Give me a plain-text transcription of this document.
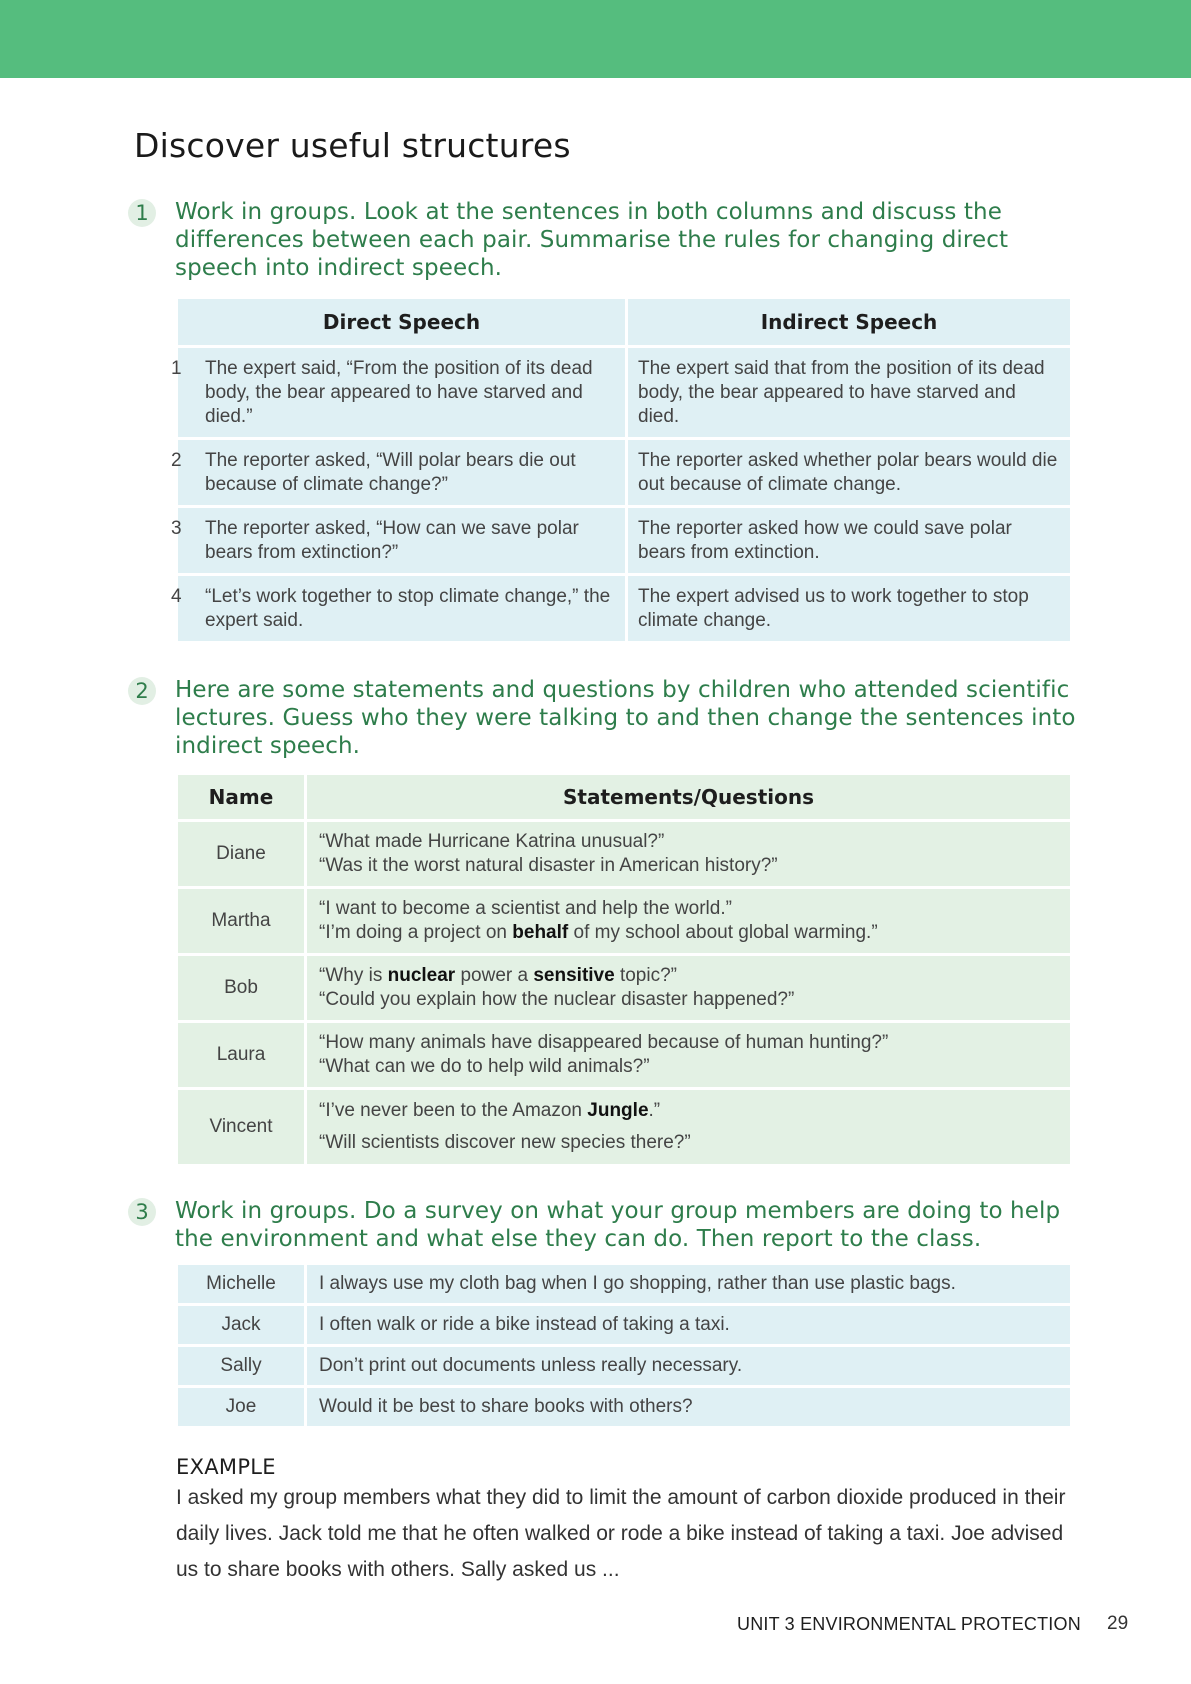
Discover useful structures
1	Work in groups. Look at the sentences in both columns and discuss the differences between each pair. Summarise the rules for changing direct speech into indirect speech.

Direct Speech	Indirect Speech

1 The expert said, “From the position of its dead body, the bear appeared to have starved and died.”	The expert said that from the position of its dead body, the bear appeared to have starved and died.

2 The reporter asked, “Will polar bears die out because of climate change?”	The reporter asked whether polar bears would die out because of climate change.

3 The reporter asked, “How can we save polar bears from extinction?”	The reporter asked how we could save polar bears from extinction.

4 “Let’s work together to stop climate change,” the expert said.	The expert advised us to work together to stop climate change.
2	Here are some statements and questions by children who attended scientific lectures. Guess who they were talking to and then change the sentences into indirect speech.

Name	Statements/Questions
Diane	“What made Hurricane Katrina unusual?”
“Was it the worst natural disaster in American history?”

Martha	“I want to become a scientist and help the world.”
“I’m doing a project on behalf of my school about global warming.”

Bob	“Why is nuclear power a sensitive topic?”
“Could you explain how the nuclear disaster happened?”

Laura	“How many animals have disappeared because of human hunting?”
“What can we do to help wild animals?”

Vincent	“I’ve never been to the Amazon Jungle.”
“Will scientists discover new species there?”
3	Work in groups. Do a survey on what your group members are doing to help the environment and what else they can do. Then report to the class.

Michelle	I always use my cloth bag when I go shopping, rather than use plastic bags.
Jack	I often walk or ride a bike instead of taking a taxi.
Sally	Don’t print out documents unless really necessary.
Joe	Would it be best to share books with others?

EXAMPLE

I asked my group members what they did to limit the amount of carbon dioxide produced in their daily lives. Jack told me that he often walked or rode a bike instead of taking a taxi. Joe advised us to share books with others. Sally asked us ...

UNIT 3 ENVIRONMENTAL PROTECTION 29
